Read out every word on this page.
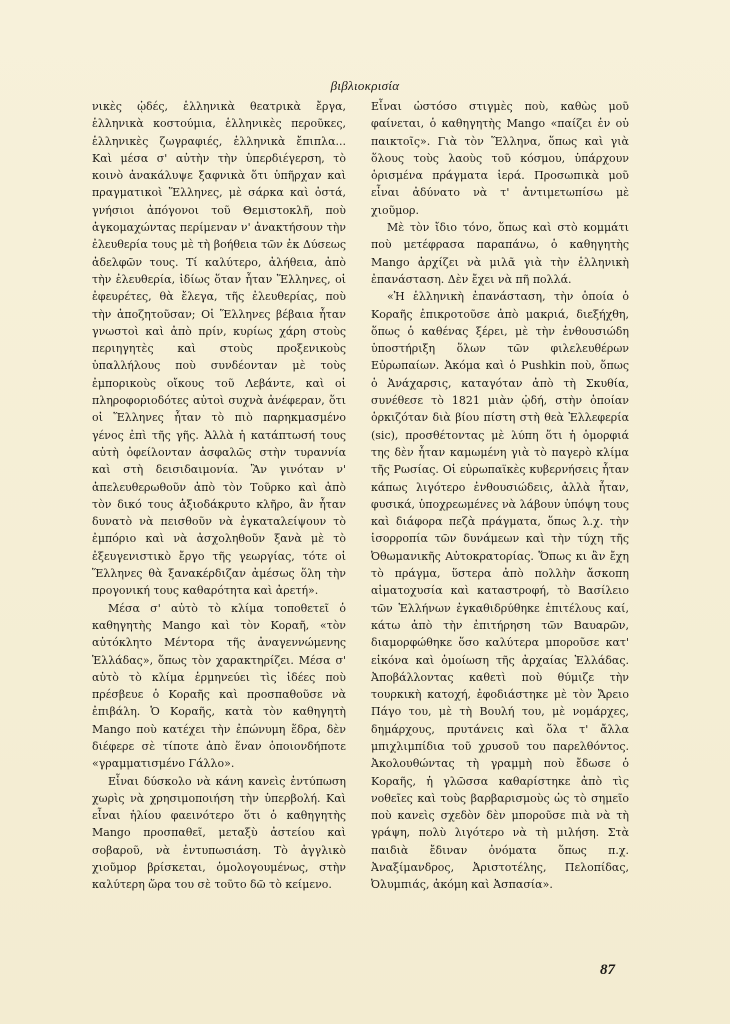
βιβλιοκρισία

νικὲς ᾠδές, ἑλληνικὰ θεατρικὰ ἔργα, ἑλληνικὰ κοστούμια, ἑλληνικὲς περοῦκες, ἑλληνικὲς ζωγραφιές, ἑλληνικὰ ἔπιπλα... Καὶ μέσα σ' αὐτὴν τὴν ὑπερδιέγερση, τὸ κοινὸ ἀνακάλυψε ξαφνικὰ ὅτι ὑπῆρχαν καὶ πραγματικοὶ Ἕλληνες, μὲ σάρκα καὶ ὀστά, γνήσιοι ἀπόγονοι τοῦ Θεμιστοκλῆ, ποὺ ἀγκομαχώντας περίμεναν ν' ἀνακτήσουν τὴν ἐλευθερία τους μὲ τὴ βοήθεια τῶν ἐκ Δύσεως ἀδελφῶν τους. Τί καλύτερο, ἀλήθεια, ἀπὸ τὴν ἐλευθερία, ἰδίως ὅταν ἦταν Ἕλληνες, οἱ ἐφευρέτες, θὰ ἔλεγα, τῆς ἐλευθερίας, ποὺ τὴν ἀποζητοῦσαν; Οἱ Ἕλληνες βέβαια ἦταν γνωστοὶ καὶ ἀπὸ πρίν, κυρίως χάρη στοὺς περιηγητὲς καὶ στοὺς προξενικοὺς ὑπαλλήλους ποὺ συνδέονταν μὲ τοὺς ἐμπορικοὺς οἴκους τοῦ Λεβάντε, καὶ οἱ πληροφοριοδότες αὐτοὶ συχνὰ ἀνέφεραν, ὅτι οἱ Ἕλληνες ἦταν τὸ πιὸ παρηκμασμένο γένος ἐπὶ τῆς γῆς. Ἀλλὰ ἡ κατάπτωσή τους αὐτὴ ὀφείλονταν ἀσφαλῶς στὴν τυραννία καὶ στὴ δεισιδαιμονία. Ἂν γινόταν ν' ἀπελευθερωθοῦν ἀπὸ τὸν Τοῦρκο καὶ ἀπὸ τὸν δικό τους ἀξιοδάκρυτο κλῆρο, ἂν ἦταν δυνατὸ νὰ πεισθοῦν νὰ ἐγκαταλείψουν τὸ ἐμπόριο καὶ νὰ ἀσχοληθοῦν ξανὰ μὲ τὸ ἐξευγενιστικὸ ἔργο τῆς γεωργίας, τότε οἱ Ἕλληνες θὰ ξανακέρδιζαν ἀμέσως ὅλη τὴν προγονική τους καθαρότητα καὶ ἀρετή».

Μέσα σ' αὐτὸ τὸ κλίμα τοποθετεῖ ὁ καθηγητὴς Mango καὶ τὸν Κοραῆ, «τὸν αὐτόκλητο Μέντορα τῆς ἀναγεννώμενης Ἑλλάδας», ὅπως τὸν χαρακτηρίζει. Μέσα σ' αὐτὸ τὸ κλίμα ἑρμηνεύει τὶς ἰδέες ποὺ πρέσβευε ὁ Κοραῆς καὶ προσπαθοῦσε νὰ ἐπιβάλη. Ὁ Κοραῆς, κατὰ τὸν καθηγητὴ Mango ποὺ κατέχει τὴν ἐπώνυμη ἕδρα, δὲν διέφερε σὲ τίποτε ἀπὸ ἕναν ὁποιονδήποτε «γραμματισμένο Γάλλο».

Εἶναι δύσκολο νὰ κάνη κανεὶς ἐντύπωση χωρὶς νὰ χρησιμοποιήση τὴν ὑπερβολή. Καὶ εἶναι ἡλίου φαεινότερο ὅτι ὁ καθηγητὴς Mango προσπαθεῖ, μεταξὺ ἀστείου καὶ σοβαροῦ, νὰ ἐντυπωσιάση. Τὸ ἀγγλικὸ χιοῦμορ βρίσκεται, ὁμολογουμένως, στὴν καλύτερη ὥρα του σὲ τοῦτο δῶ τὸ κείμενο.

Εἶναι ὡστόσο στιγμὲς ποὺ, καθὼς μοῦ φαίνεται, ὁ καθηγητὴς Mango «παίζει ἐν οὐ παικτοῖς». Γιὰ τὸν Ἕλληνα, ὅπως καὶ γιὰ ὅλους τοὺς λαοὺς τοῦ κόσμου, ὑπάρχουν ὁρισμένα πράγματα ἱερά. Προσωπικὰ μοῦ εἶναι ἀδύνατο νὰ τ' ἀντιμετωπίσω μὲ χιοῦμορ.

Μὲ τὸν ἴδιο τόνο, ὅπως καὶ στὸ κομμάτι ποὺ μετέφρασα παραπάνω, ὁ καθηγητὴς Mango ἀρχίζει νὰ μιλᾶ γιὰ τὴν ἑλληνικὴ ἐπανάσταση. Δὲν ἔχει νὰ πῆ πολλά.

«Ἡ ἑλληνικὴ ἐπανάσταση, τὴν ὁποία ὁ Κοραῆς ἐπικροτοῦσε ἀπὸ μακριά, διεξήχθη, ὅπως ὁ καθένας ξέρει, μὲ τὴν ἐνθουσιώδη ὑποστήριξη ὅλων τῶν φιλελευθέρων Εὐρωπαίων. Ἀκόμα καὶ ὁ Pushkin ποὺ, ὅπως ὁ Ἀνάχαρσις, καταγόταν ἀπὸ τὴ Σκυθία, συνέθεσε τὸ 1821 μιὰν ᾠδή, στὴν ὁποίαν ὁρκιζόταν διὰ βίου πίστη στὴ θεὰ Ἐλλεφερία (sic), προσθέτοντας μὲ λύπη ὅτι ἡ ὁμορφιά της δὲν ἦταν καμωμένη γιὰ τὸ παγερὸ κλίμα τῆς Ρωσίας. Οἱ εὐρωπαϊκὲς κυβερνήσεις ἦταν κάπως λιγότερο ἐνθουσιώδεις, ἀλλὰ ἦταν, φυσικά, ὑποχρεωμένες νὰ λάβουν ὑπόψη τους καὶ διάφορα πεζὰ πράγματα, ὅπως λ.χ. τὴν ἰσορροπία τῶν δυνάμεων καὶ τὴν τύχη τῆς Ὀθωμανικῆς Αὐτοκρατορίας. Ὅπως κι ἂν ἔχη τὸ πράγμα, ὕστερα ἀπὸ πολλὴν ἄσκοπη αἱματοχυσία καὶ καταστροφή, τὸ Βασίλειο τῶν Ἑλλήνων ἐγκαθιδρύθηκε ἐπιτέλους καί, κάτω ἀπὸ τὴν ἐπιτήρηση τῶν Βαυαρῶν, διαμορφώθηκε ὅσο καλύτερα μποροῦσε κατ' εἰκόνα καὶ ὁμοίωση τῆς ἀρχαίας Ἑλλάδας. Ἀποβάλλοντας καθετὶ ποὺ θύμιζε τὴν τουρκικὴ κατοχή, ἐφοδιάστηκε μὲ τὸν Ἄρειο Πάγο του, μὲ τὴ Βουλή του, μὲ νομάρχες, δημάρχους, πρυτάνεις καὶ ὅλα τ' ἄλλα μπιχλιμπίδια τοῦ χρυσοῦ του παρελθόντος. Ἀκολουθώντας τὴ γραμμὴ ποὺ ἔδωσε ὁ Κοραῆς, ἡ γλῶσσα καθαρίστηκε ἀπὸ τὶς νοθεῖες καὶ τοὺς βαρβαρισμοὺς ὡς τὸ σημεῖο ποὺ κανεὶς σχεδὸν δὲν μποροῦσε πιὰ νὰ τὴ γράψη, πολὺ λιγότερο νὰ τὴ μιλήση. Στὰ παιδιὰ ἔδιναν ὀνόματα ὅπως π.χ. Ἀναξίμανδρος, Ἀριστοτέλης, Πελοπίδας, Ὀλυμπιάς, ἀκόμη καὶ Ἀσπασία».

87
